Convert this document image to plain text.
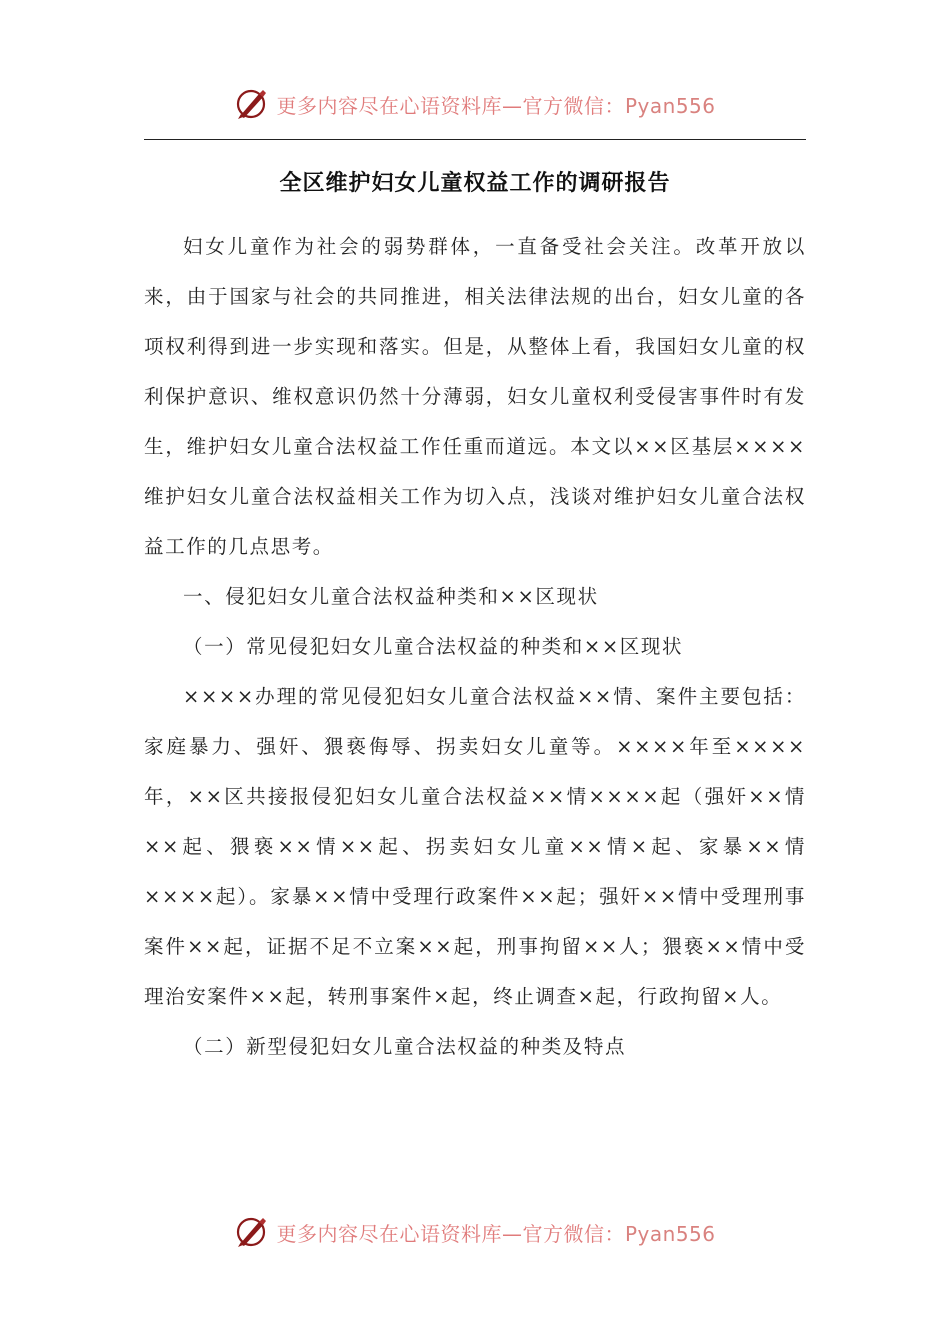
更多内容尽在心语资料库—官方微信：Pyan556
全区维护妇女儿童权益工作的调研报告

妇女儿童作为社会的弱势群体，一直备受社会关注。改革开放以来，由于国家与社会的共同推进，相关法律法规的出台，妇女儿童的各项权利得到进一步实现和落实。但是，从整体上看，我国妇女儿童的权利保护意识、维权意识仍然十分薄弱，妇女儿童权利受侵害事件时有发生，维护妇女儿童合法权益工作任重而道远。本文以××区基层××××维护妇女儿童合法权益相关工作为切入点，浅谈对维护妇女儿童合法权益工作的几点思考。

一、侵犯妇女儿童合法权益种类和××区现状

（一）常见侵犯妇女儿童合法权益的种类和××区现状

××××办理的常见侵犯妇女儿童合法权益××情、案件主要包括：家庭暴力、强奸、猥亵侮辱、拐卖妇女儿童等。××××年至××××年，××区共接报侵犯妇女儿童合法权益××情××××起（强奸××情××起、猥亵××情××起、拐卖妇女儿童××情×起、家暴××情××××起）。家暴××情中受理行政案件××起；强奸××情中受理刑事案件××起，证据不足不立案××起，刑事拘留××人；猥亵××情中受理治安案件××起，转刑事案件×起，终止调查×起，行政拘留×人。

（二）新型侵犯妇女儿童合法权益的种类及特点

更多内容尽在心语资料库—官方微信：Pyan556
